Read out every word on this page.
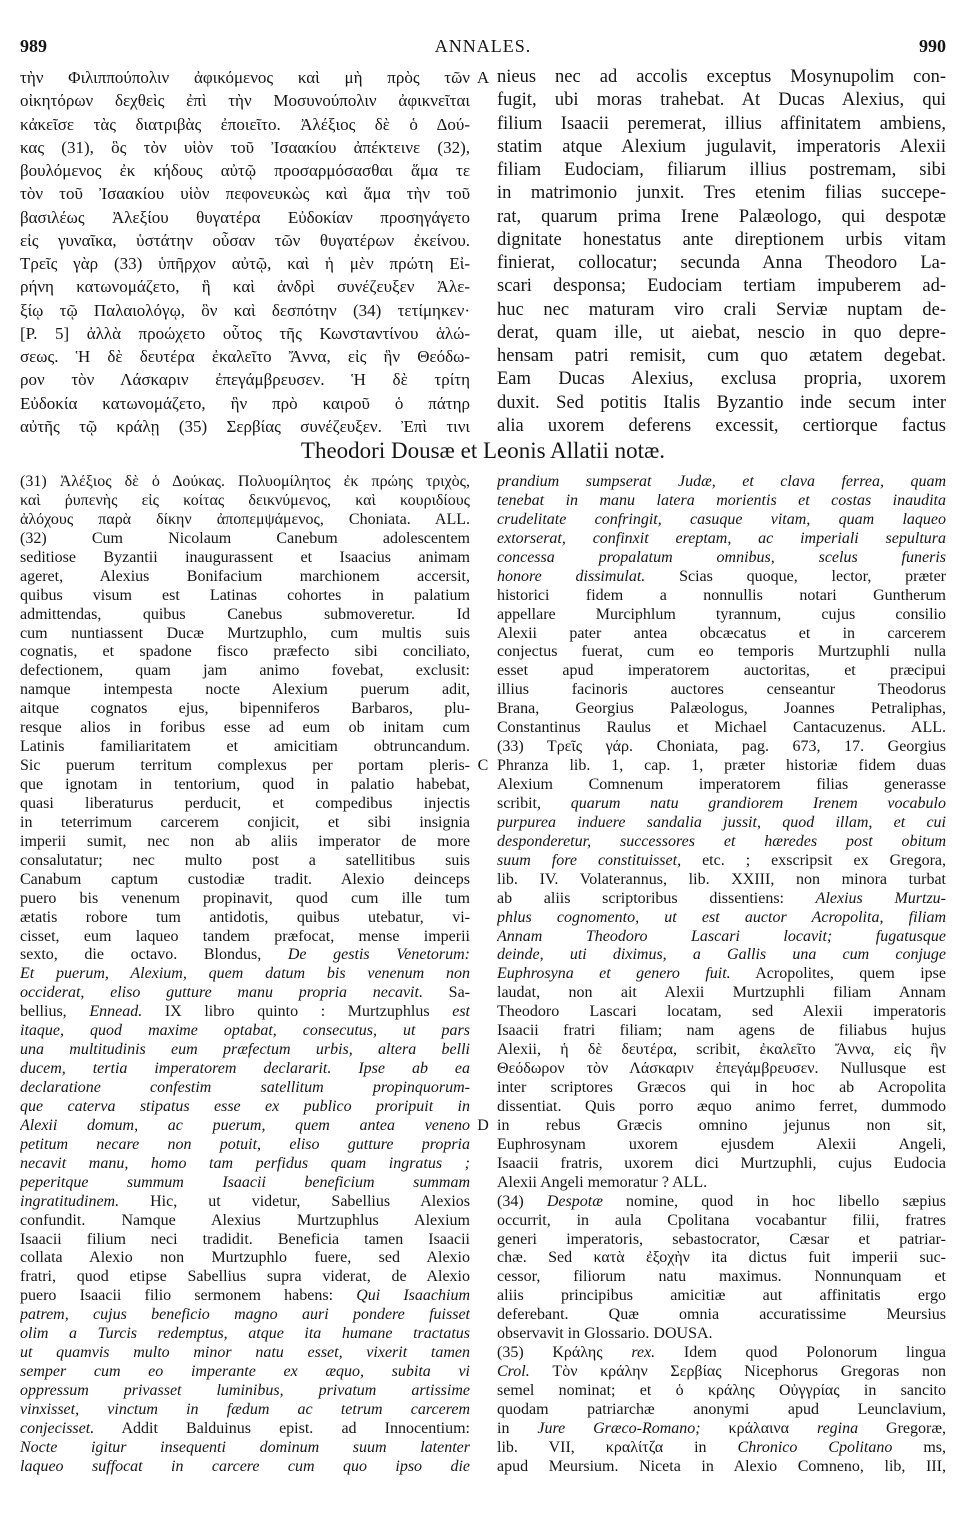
989	ANNALES.	990
τὴν Φιλιππούπολιν ἀφικόμενος καὶ μὴ πρὸς τῶν
οἰκητόρων δεχθεὶς ἐπὶ τὴν Μοσυνούπολιν ἀφικνεῖται
κἀκεῖσε τὰς διατριβὰς ἐποιεῖτο. Ἀλέξιος δὲ ὁ Δού-
κας (31), ὃς τὸν υἱὸν τοῦ Ἰσαακίου ἀπέκτεινε (32),
βουλόμενος ἐκ κήδους αὐτῷ προσαρμόσασθαι ἅμα τε
τὸν τοῦ Ἰσαακίου υἱὸν πεφονευκὼς καὶ ἅμα τὴν τοῦ
βασιλέως Ἀλεξίου θυγατέρα Εὐδοκίαν προσηγάγετο
εἰς γυναῖκα, ὑστάτην οὖσαν τῶν θυγατέρων ἐκείνου.
Τρεῖς γὰρ (33) ὑπῆρχον αὐτῷ, καὶ ἡ μὲν πρώτη Εἰ-
ρήνη κατωνομάζετο, ἣ καὶ ἀνδρὶ συνέζευξεν Ἀλε-
ξίῳ τῷ Παλαιολόγῳ, ὃν καὶ δεσπότην (34) τετίμηκεν·
[P. 5] ἀλλὰ προώχετο οὗτος τῆς Κωνσταντίνου ἁλώ-
σεως. Ἡ δὲ δευτέρα ἐκαλεῖτο Ἄννα, εἰς ἣν Θεόδω-
ρον τὸν Λάσκαριν ἐπεγάμβρευσεν. Ἡ δὲ τρίτη
Εὐδοκία κατωνομάζετο, ἣν πρὸ καιροῦ ὁ πάτηρ
αὐτῆς τῷ κράλῃ (35) Σερβίας συνέζευξεν. Ἐπὶ τινι
nieus nec ad accolis exceptus Mosynupolim con-
fugit, ubi moras trahebat. At Ducas Alexius, qui
filium Isaacii peremerat, illius affinitatem ambiens,
statim atque Alexium jugulavit, imperatoris Alexii
filiam Eudociam, filiarum illius postremam, sibi
in matrimonio junxit. Tres etenim filias succepe-
rat, quarum prima Irene Palæologo, qui despotæ
dignitate honestatus ante direptionem urbis vitam
finierat, collocatur; secunda Anna Theodoro La-
scari desponsa; Eudociam tertiam impuberem ad-
huc nec maturam viro crali Serviæ nuptam de-
derat, quam ille, ut aiebat, nescio in quo depre-
hensam patri remisit, cum quo ætatem degebat.
Eam Ducas Alexius, exclusa propria, uxorem
duxit. Sed potitis Italis Byzantio inde secum inter
alia uxorem deferens excessit, certiorque factus
A
Theodori Dousæ et Leonis Allatii notæ.
(31) Ἀλέξιος δὲ ὁ Δούκας. Πολυομίλητος ἐκ πρώης τριχὸς,
καὶ ῥυπενὴς εἰς κοίτας δεικνύμενος, καὶ κουριδίους
ἀλόχους παρὰ δίκην ἀποπεμψάμενος, Choniata. ALL.
(32) Cum Nicolaum Canebum adolescentem
seditiose Byzantii inaugurassent et Isaacius animam
ageret, Alexius Bonifacium marchionem accersit,
quibus visum est Latinas cohortes in palatium
admittendas, quibus Canebus submoveretur. Id
cum nuntiassent Ducæ Murtzuphlo, cum multis suis
cognatis, et spadone fisco præfecto sibi conciliato,
defectionem, quam jam animo fovebat, exclusit:
namque intempesta nocte Alexium puerum adit,
aitque cognatos ejus, bipenniferos Barbaros, plu-
resque alios in foribus esse ad eum ob initam cum
Latinis familiaritatem et amicitiam obtruncandum.
Sic puerum territum complexus per portam pleris-
que ignotam in tentorium, quod in palatio habebat,
quasi liberaturus perducit, et compedibus injectis
in teterrimum carcerem conjicit, et sibi insignia
imperii sumit, nec non ab aliis imperator de more
consalutatur; nec multo post a satellitibus suis
Canabum captum custodiæ tradit. Alexio deinceps
puero bis venenum propinavit, quod cum ille tum
ætatis robore tum antidotis, quibus utebatur, vi-
cisset, eum laqueo tandem præfocat, mense imperii
sexto, die octavo. Blondus, De gestis Venetorum:
Et puerum, Alexium, quem datum bis venenum non
occiderat, eliso gutture manu propria necavit. Sa-
bellius, Ennead. IX libro quinto : Murtzuphlus est
itaque, quod maxime optabat, consecutus, ut pars
una multitudinis eum præfectum urbis, altera belli
ducem, tertia imperatorem declararit. Ipse ab ea
declaratione confestim satellitum propinquorum-
que caterva stipatus esse ex publico proripuit in
Alexii domum, ac puerum, quem antea veneno
petitum necare non potuit, eliso gutture propria
necavit manu, homo tam perfidus quam ingratus ;
peperitque summum Isaacii beneficium summam
ingratitudinem. Hic, ut videtur, Sabellius Alexios
confundit. Namque Alexius Murtzuphlus Alexium
Isaacii filium neci tradidit. Beneficia tamen Isaacii
collata Alexio non Murtzuphlo fuere, sed Alexio
fratri, quod etipse Sabellius supra viderat, de Alexio
puero Isaacii filio sermonem habens: Qui Isaachium
patrem, cujus beneficio magno auri pondere fuisset
olim a Turcis redemptus, atque ita humane tractatus
ut quamvis multo minor natu esset, vixerit tamen
semper cum eo imperante ex æquo, subita vi
oppressum privasset luminibus, privatum artissime
vinxisset, vinctum in fædum ac tetrum carcerem
conjecisset. Addit Balduinus epist. ad Innocentium:
Nocte igitur insequenti dominum suum latenter
laqueo suffocat in carcere cum quo ipso die
prandium sumpserat Judæ, et clava ferrea, quam
tenebat in manu latera morientis et costas inaudita
crudelitate confringit, casuque vitam, quam laqueo
extorserat, confinxit ereptam, ac imperiali sepultura
concessa propalatum omnibus, scelus funeris
honore dissimulat. Scias quoque, lector, præter
historici fidem a nonnullis notari Guntherum
appellare Murciphlum tyrannum, cujus consilio
Alexii pater antea obcæcatus et in carcerem
conjectus fuerat, cum eo temporis Murtzuphli nulla
esset apud imperatorem auctoritas, et præcipui
illius facinoris auctores censeantur Theodorus
Brana, Georgius Palæologus, Joannes Petraliphas,
Constantinus Raulus et Michael Cantacuzenus. ALL.
(33) Τρεῖς γάρ. Choniata, pag. 673, 17. Georgius
Phranza lib. 1, cap. 1, præter historiæ fidem duas
Alexium Comnenum imperatorem filias generasse
scribit, quarum natu grandiorem Irenem vocabulo
purpurea induere sandalia jussit, quod illam, et cui
desponderetur, successores et hæredes post obitum
suum fore constituisset, etc. ; exscripsit ex Gregora,
lib. IV. Volaterannus, lib. XXIII, non minora turbat
ab aliis scriptoribus dissentiens: Alexius Murtzu-
phlus cognomento, ut est auctor Acropolita, filiam
Annam Theodoro Lascari locavit; fugatusque
deinde, uti diximus, a Gallis una cum conjuge
Euphrosyna et genero fuit. Acropolites, quem ipse
laudat, non ait Alexii Murtzuphli filiam Annam
Theodoro Lascari locatam, sed Alexii imperatoris
Isaacii fratri filiam; nam agens de filiabus hujus
Alexii, ἡ δὲ δευτέρα, scribit, ἐκαλεῖτο Ἄννα, εἰς ἣν
Θεόδωρον τὸν Λάσκαριν ἐπεγάμβρευσεν. Nullusque est
inter scriptores Græcos qui in hoc ab Acropolita
dissentiat. Quis porro æquo animo ferret, dummodo
in rebus Græcis omnino jejunus non sit,
Euphrosynam uxorem ejusdem Alexii Angeli,
Isaacii fratris, uxorem dici Murtzuphli, cujus Eudocia
Alexii Angeli memoratur ? ALL.
(34) Despotæ nomine, quod in hoc libello sæpius
occurrit, in aula Cpolitana vocabantur filii, fratres
generi imperatoris, sebastocrator, Cæsar et patriar-
chæ. Sed κατὰ ἐξοχὴν ita dictus fuit imperii suc-
cessor, filiorum natu maximus. Nonnunquam et
aliis principibus amicitiæ aut affinitatis ergo
deferebant. Quæ omnia accuratissime Meursius
observavit in Glossario. DOUSA.
(35) Κράλης rex. Idem quod Polonorum lingua
Crol. Τὸν κράλην Σερβίας Nicephorus Gregoras non
semel nominat; et ὁ κράλης Οὐγγρίας in sancito
quodam patriarchæ anonymi apud Leunclavium,
in Jure Græco-Romano; κράλαινα regina Gregoræ,
lib. VII, κραλίτζα in Chronico Cpolitano ms,
apud Meursium. Niceta in Alexio Comneno, lib, III,
C
D
